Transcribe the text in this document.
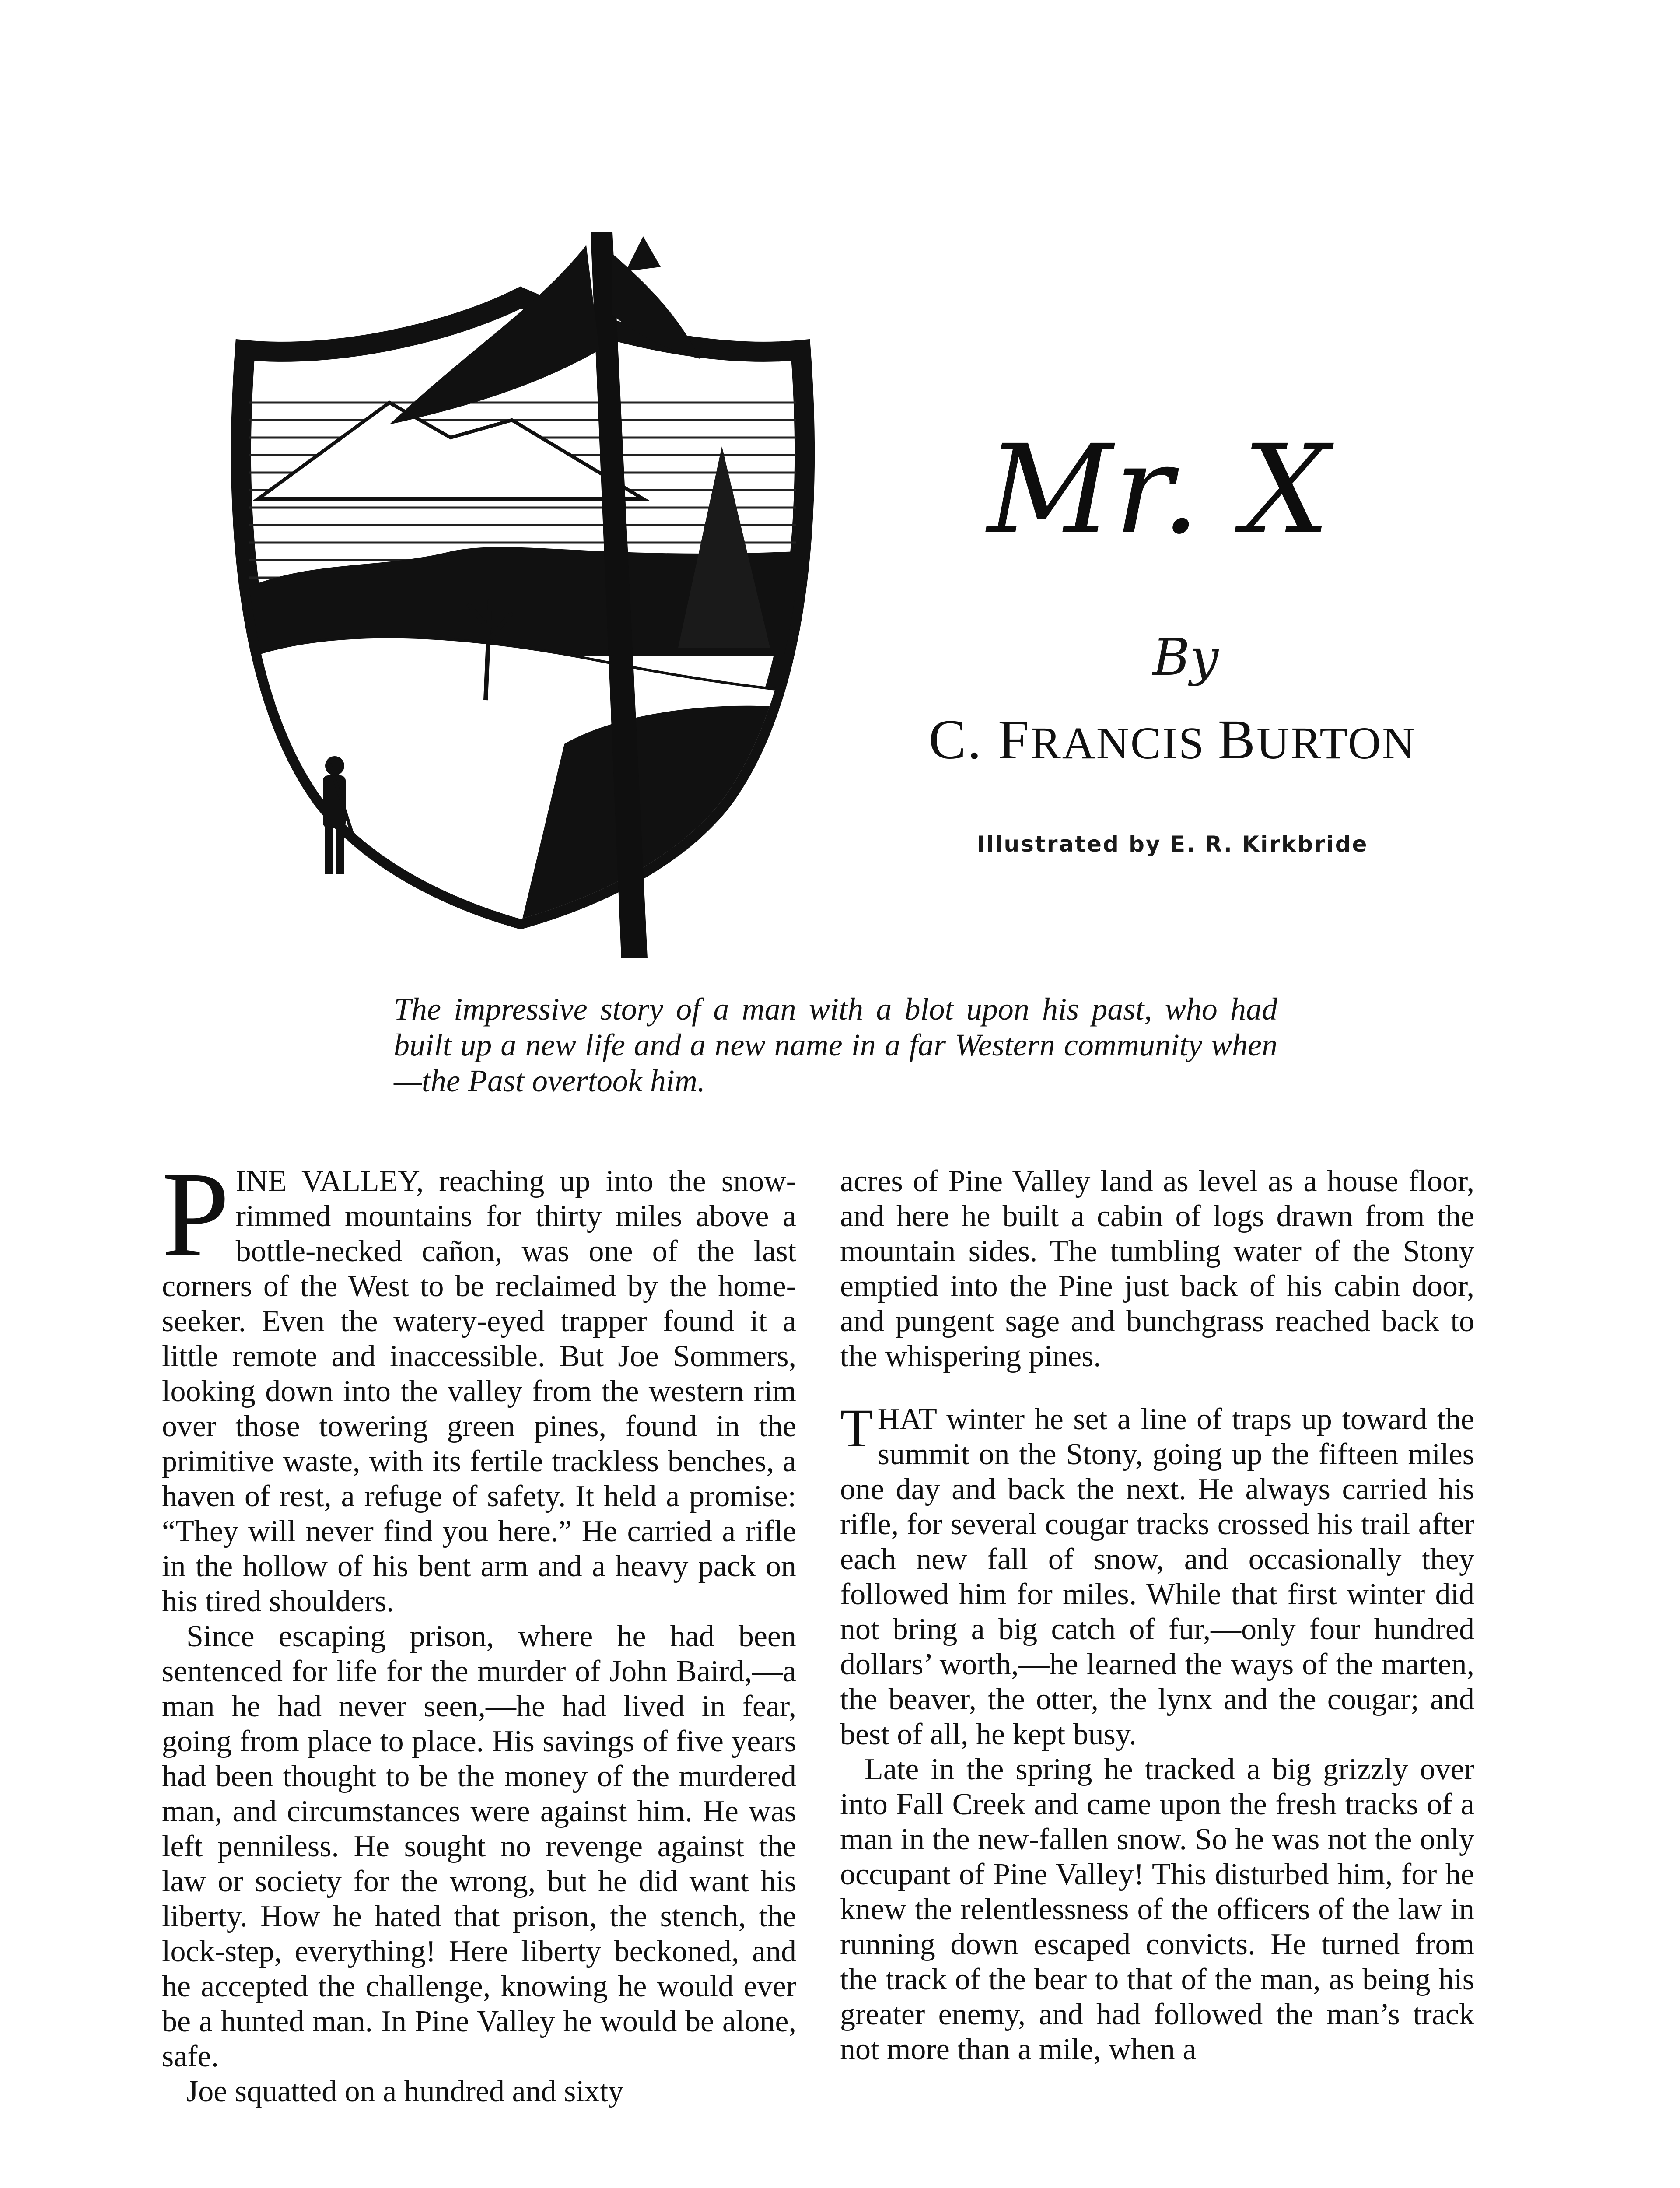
Mr. X
By
C. FRANCIS BURTON
Illustrated by E. R. Kirkbride
The impressive story of a man with a blot upon his past, who had built up a new life and a new name in a far Western community when—the Past overtook him.

PINE VALLEY, reaching up into the snow-rimmed mountains for thirty miles above a bottle-necked cañon, was one of the last corners of the West to be reclaimed by the home-seeker. Even the watery-eyed trapper found it a little remote and inaccessible. But Joe Sommers, looking down into the valley from the western rim over those towering green pines, found in the primitive waste, with its fertile trackless benches, a haven of rest, a refuge of safety. It held a promise: “They will never find you here.” He carried a rifle in the hollow of his bent arm and a heavy pack on his tired shoulders.

Since escaping prison, where he had been sentenced for life for the murder of John Baird,—a man he had never seen,—he had lived in fear, going from place to place. His savings of five years had been thought to be the money of the murdered man, and circumstances were against him. He was left penniless. He sought no revenge against the law or society for the wrong, but he did want his liberty. How he hated that prison, the stench, the lock-step, everything! Here liberty beckoned, and he accepted the challenge, knowing he would ever be a hunted man. In Pine Valley he would be alone, safe.

Joe squatted on a hundred and sixty

acres of Pine Valley land as level as a house floor, and here he built a cabin of logs drawn from the mountain sides. The tumbling water of the Stony emptied into the Pine just back of his cabin door, and pungent sage and bunchgrass reached back to the whispering pines.

THAT winter he set a line of traps up toward the summit on the Stony, going up the fifteen miles one day and back the next. He always carried his rifle, for several cougar tracks crossed his trail after each new fall of snow, and occasionally they followed him for miles. While that first winter did not bring a big catch of fur,—only four hundred dollars’ worth,—he learned the ways of the marten, the beaver, the otter, the lynx and the cougar; and best of all, he kept busy.

Late in the spring he tracked a big grizzly over into Fall Creek and came upon the fresh tracks of a man in the new-fallen snow. So he was not the only occupant of Pine Valley! This disturbed him, for he knew the relentlessness of the officers of the law in running down escaped convicts. He turned from the track of the bear to that of the man, as being his greater enemy, and had followed the man’s track not more than a mile, when a
